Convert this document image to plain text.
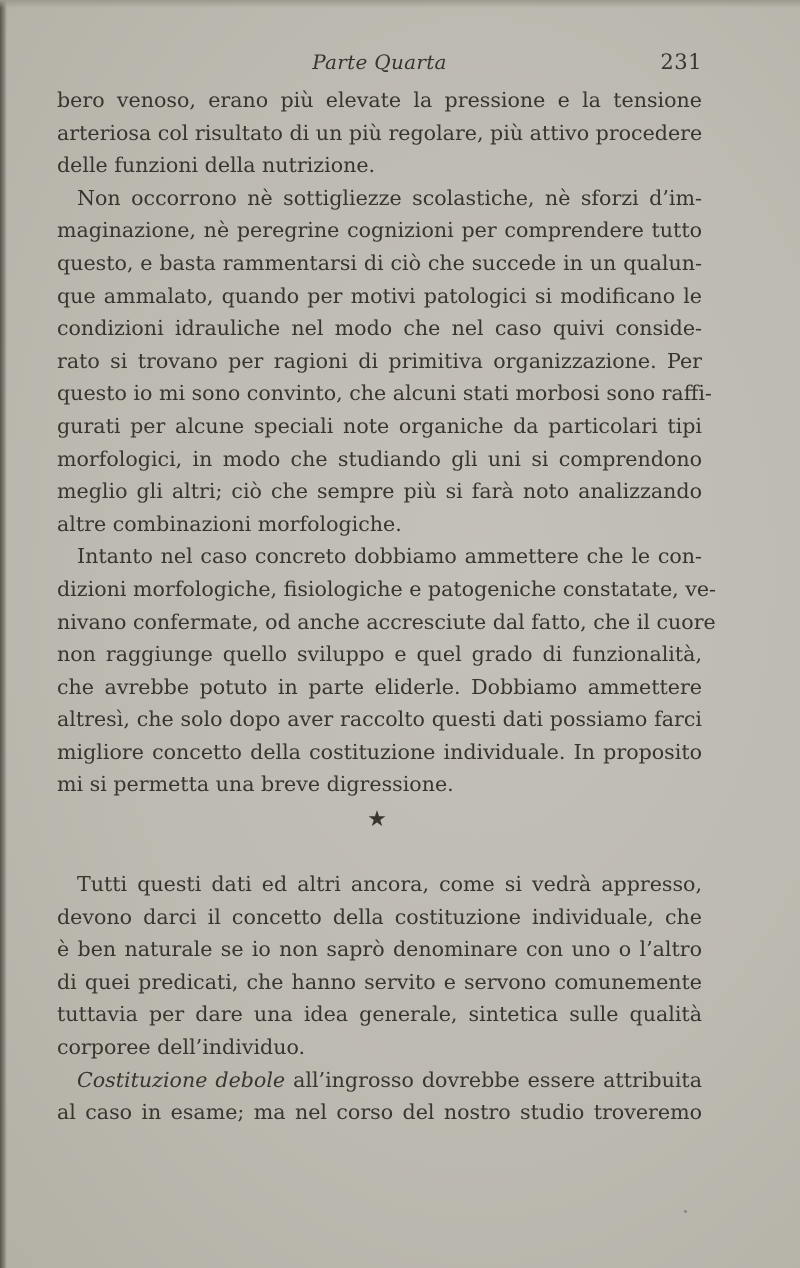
Parte Quarta	231
bero venoso, erano più elevate la pressione e la tensione
arteriosa col risultato di un più regolare, più attivo procedere
delle funzioni della nutrizione.
Non occorrono nè sottigliezze scolastiche, nè sforzi d’im-
maginazione, nè peregrine cognizioni per comprendere tutto
questo, e basta rammentarsi di ciò che succede in un qualun-
que ammalato, quando per motivi patologici si modificano le
condizioni idrauliche nel modo che nel caso quivi conside-
rato si trovano per ragioni di primitiva organizzazione. Per
questo io mi sono convinto, che alcuni stati morbosi sono raffi-
gurati per alcune speciali note organiche da particolari tipi
morfologici, in modo che studiando gli uni si comprendono
meglio gli altri; ciò che sempre più si farà noto analizzando
altre combinazioni morfologiche.
Intanto nel caso concreto dobbiamo ammettere che le con-
dizioni morfologiche, fisiologiche e patogeniche constatate, ve-
nivano confermate, od anche accresciute dal fatto, che il cuore
non raggiunge quello sviluppo e quel grado di funzionalità,
che avrebbe potuto in parte eliderle. Dobbiamo ammettere
altresì, che solo dopo aver raccolto questi dati possiamo farci
migliore concetto della costituzione individuale. In proposito
mi si permetta una breve digressione.
★
Tutti questi dati ed altri ancora, come si vedrà appresso,
devono darci il concetto della costituzione individuale, che
è ben naturale se io non saprò denominare con uno o l’altro
di quei predicati, che hanno servito e servono comunemente
tuttavia per dare una idea generale, sintetica sulle qualità
corporee dell’individuo.
Costituzione debole all’ingrosso dovrebbe essere attribuita
al caso in esame; ma nel corso del nostro studio troveremo
